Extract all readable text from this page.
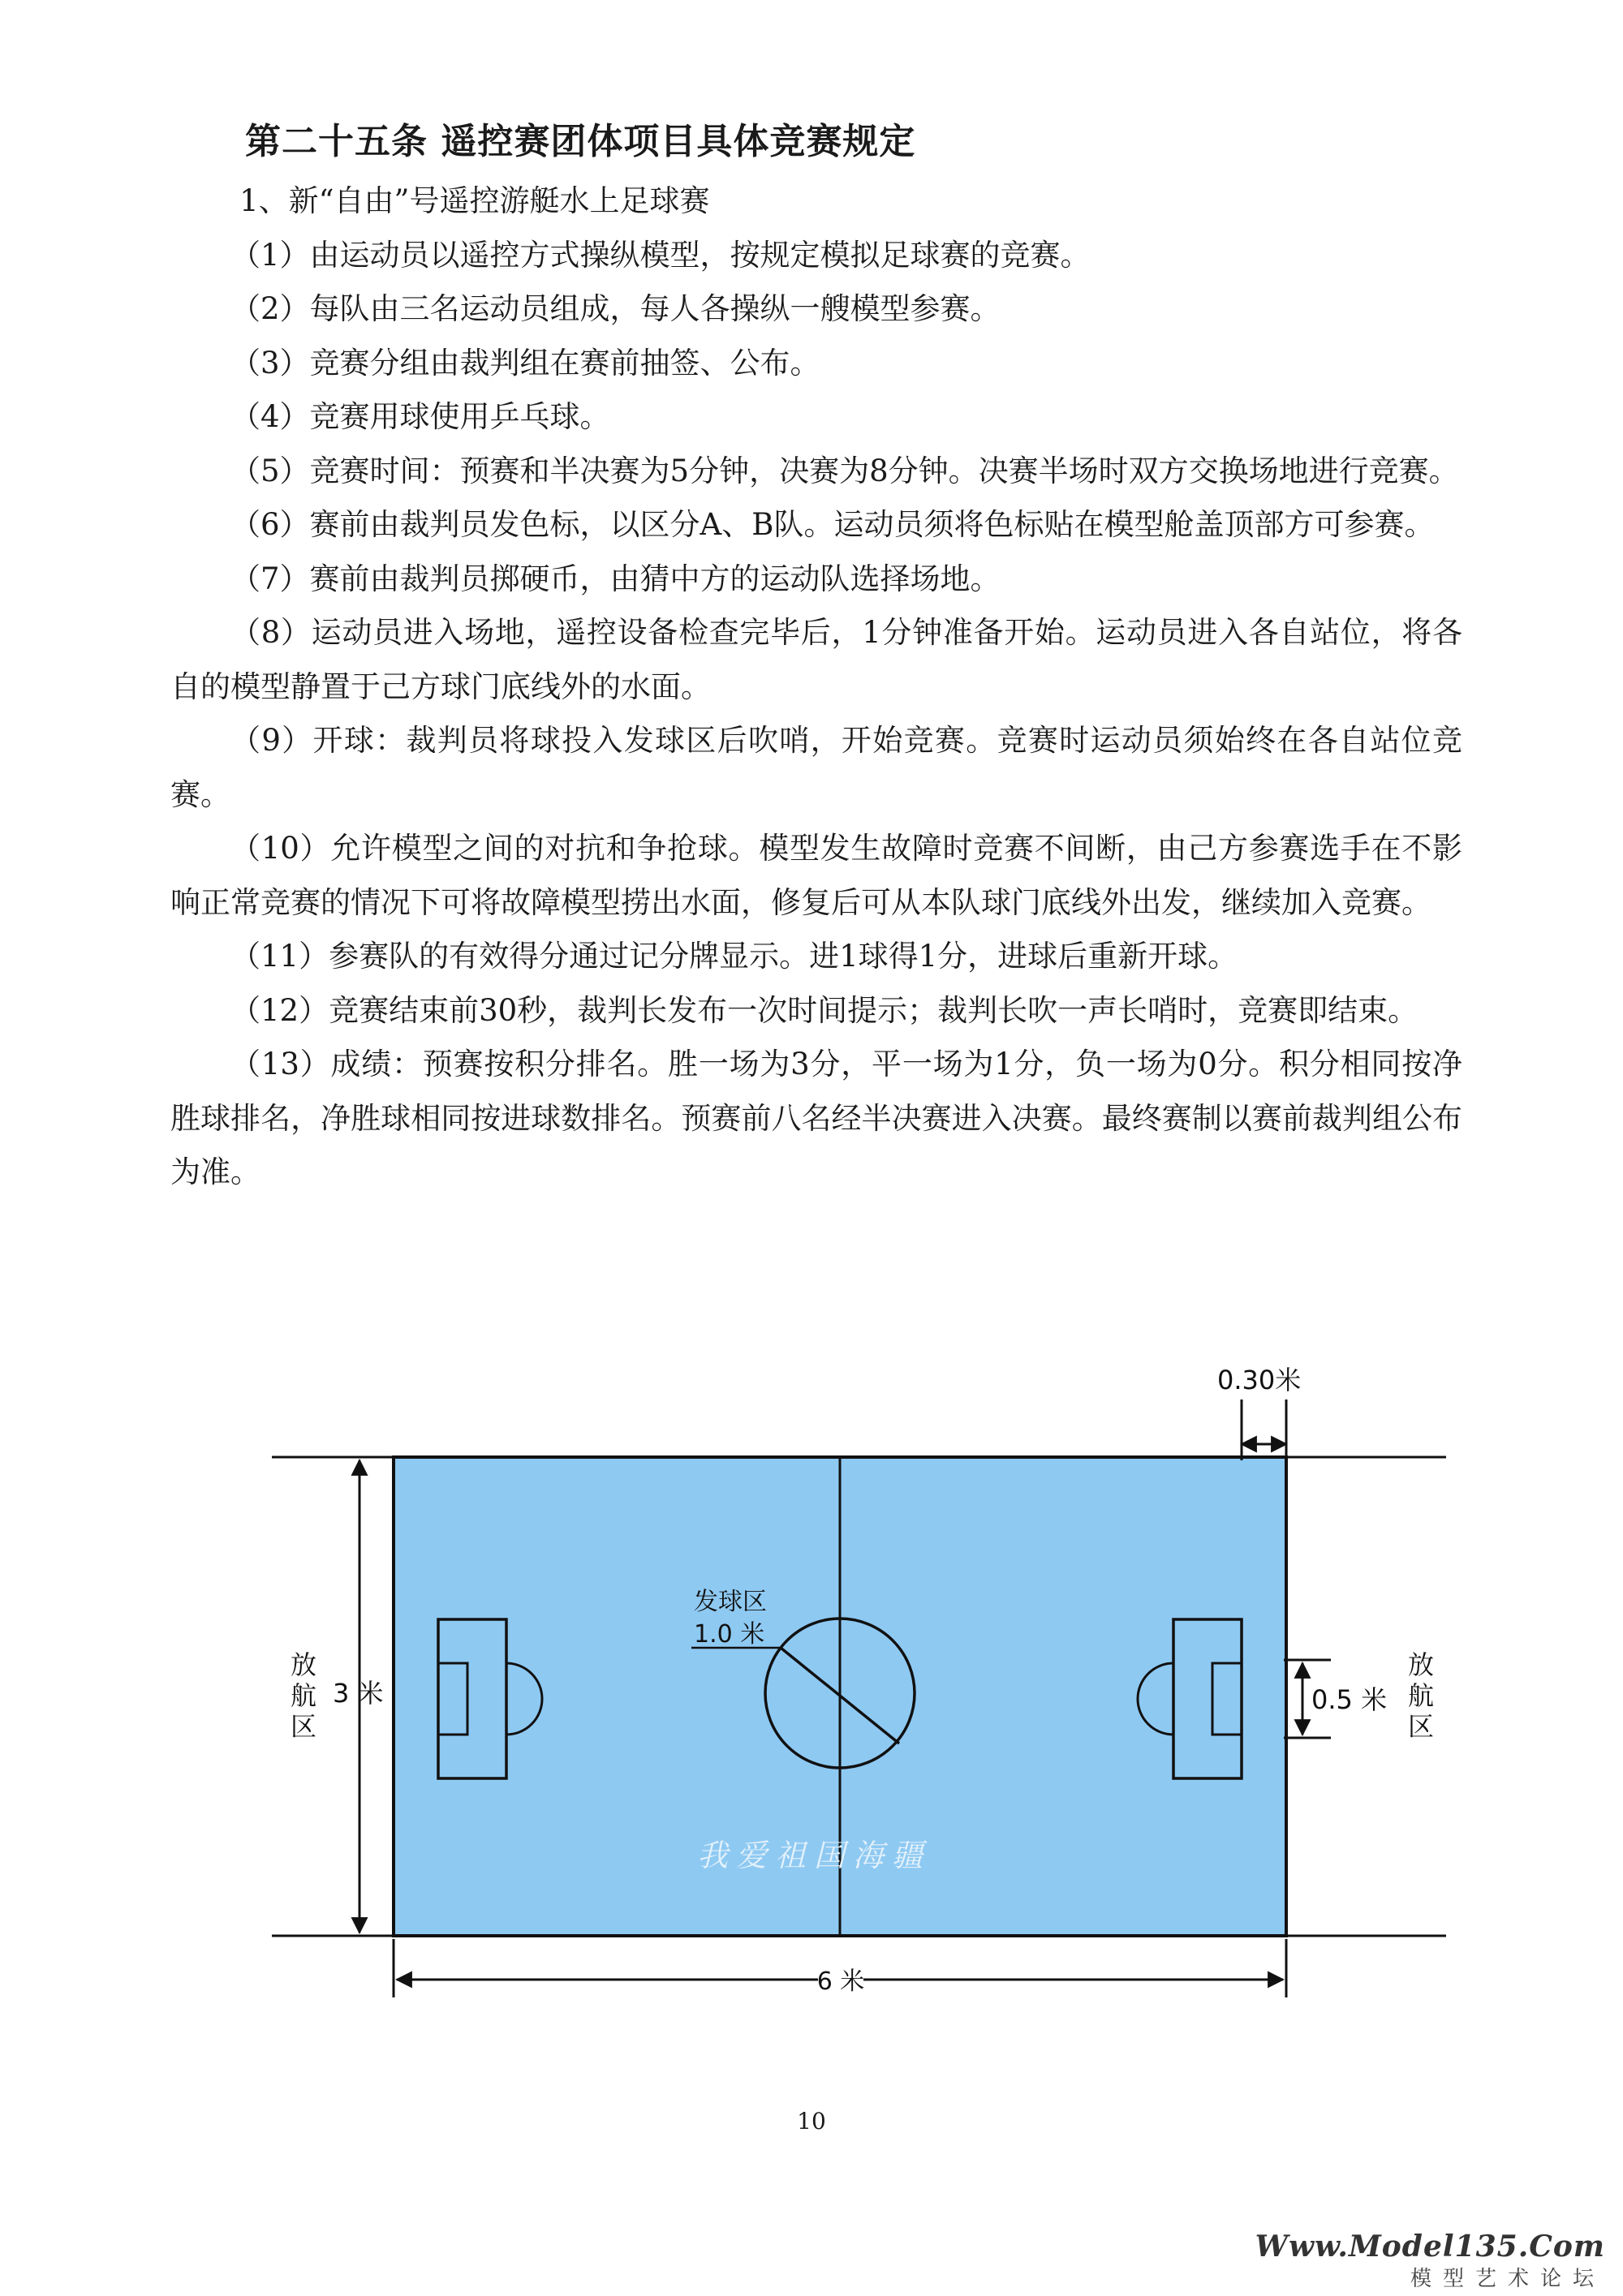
第二十五条 遥控赛团体项目具体竞赛规定

1、新“自由”号遥控游艇水上足球赛

（1）由运动员以遥控方式操纵模型，按规定模拟足球赛的竞赛。

（2）每队由三名运动员组成，每人各操纵一艘模型参赛。

（3）竞赛分组由裁判组在赛前抽签、公布。

（4）竞赛用球使用乒乓球。

（5）竞赛时间：预赛和半决赛为5分钟，决赛为8分钟。决赛半场时双方交换场地进行竞赛。

（6）赛前由裁判员发色标，以区分A、B队。运动员须将色标贴在模型舱盖顶部方可参赛。

（7）赛前由裁判员掷硬币，由猜中方的运动队选择场地。

（8）运动员进入场地，遥控设备检查完毕后，1分钟准备开始。运动员进入各自站位，将各自的模型静置于己方球门底线外的水面。

（9）开球：裁判员将球投入发球区后吹哨，开始竞赛。竞赛时运动员须始终在各自站位竞赛。

（10）允许模型之间的对抗和争抢球。模型发生故障时竞赛不间断，由己方参赛选手在不影响正常竞赛的情况下可将故障模型捞出水面，修复后可从本队球门底线外出发，继续加入竞赛。

（11）参赛队的有效得分通过记分牌显示。进1球得1分，进球后重新开球。

（12）竞赛结束前30秒，裁判长发布一次时间提示；裁判长吹一声长哨时，竞赛即结束。

（13）成绩：预赛按积分排名。胜一场为3分，平一场为1分，负一场为0分。积分相同按净胜球排名，净胜球相同按进球数排名。预赛前八名经半决赛进入决赛。最终赛制以赛前裁判组公布为准。

发球区
1.0 米
我爱祖国海疆
0.30米
3 米
放
航
区
0.5 米
放
航
区
6 米
10
Www.Model135.Com
模型艺术论坛
